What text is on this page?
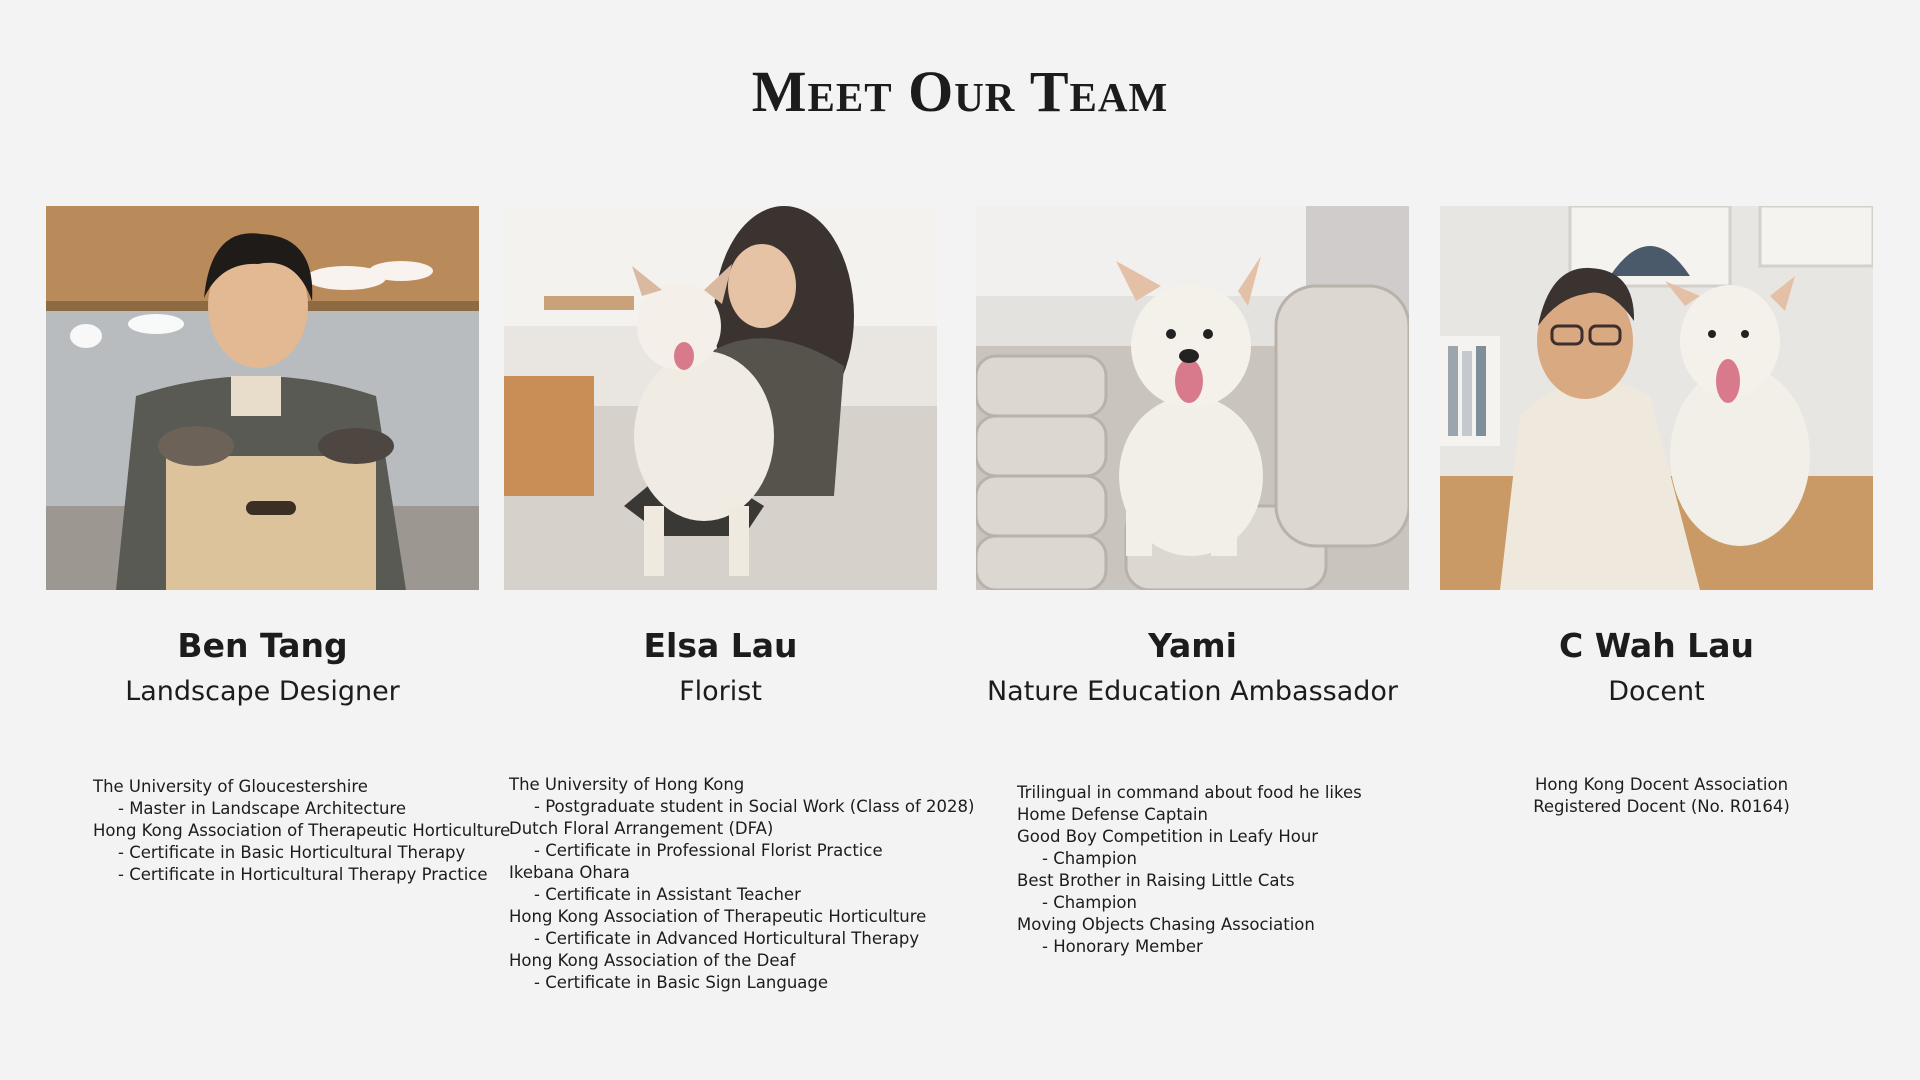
Meet Our Team
Ben Tang
Landscape Designer
The University of Gloucestershire
- Master in Landscape Architecture
Hong Kong Association of Therapeutic Horticulture
- Certificate in Basic Horticultural Therapy
- Certificate in Horticultural Therapy Practice
Elsa Lau
Florist
The University of Hong Kong
- Postgraduate student in Social Work (Class of 2028)
Dutch Floral Arrangement (DFA)
- Certificate in Professional Florist Practice
Ikebana Ohara
- Certificate in Assistant Teacher
Hong Kong Association of Therapeutic Horticulture
- Certificate in Advanced Horticultural Therapy
Hong Kong Association of the Deaf
- Certificate in Basic Sign Language
Yami
Nature Education Ambassador
Trilingual in command about food he likes
Home Defense Captain
Good Boy Competition in Leafy Hour
- Champion
Best Brother in Raising Little Cats
- Champion
Moving Objects Chasing Association
- Honorary Member
C Wah Lau
Docent
Hong Kong Docent Association
Registered Docent (No. R0164)
